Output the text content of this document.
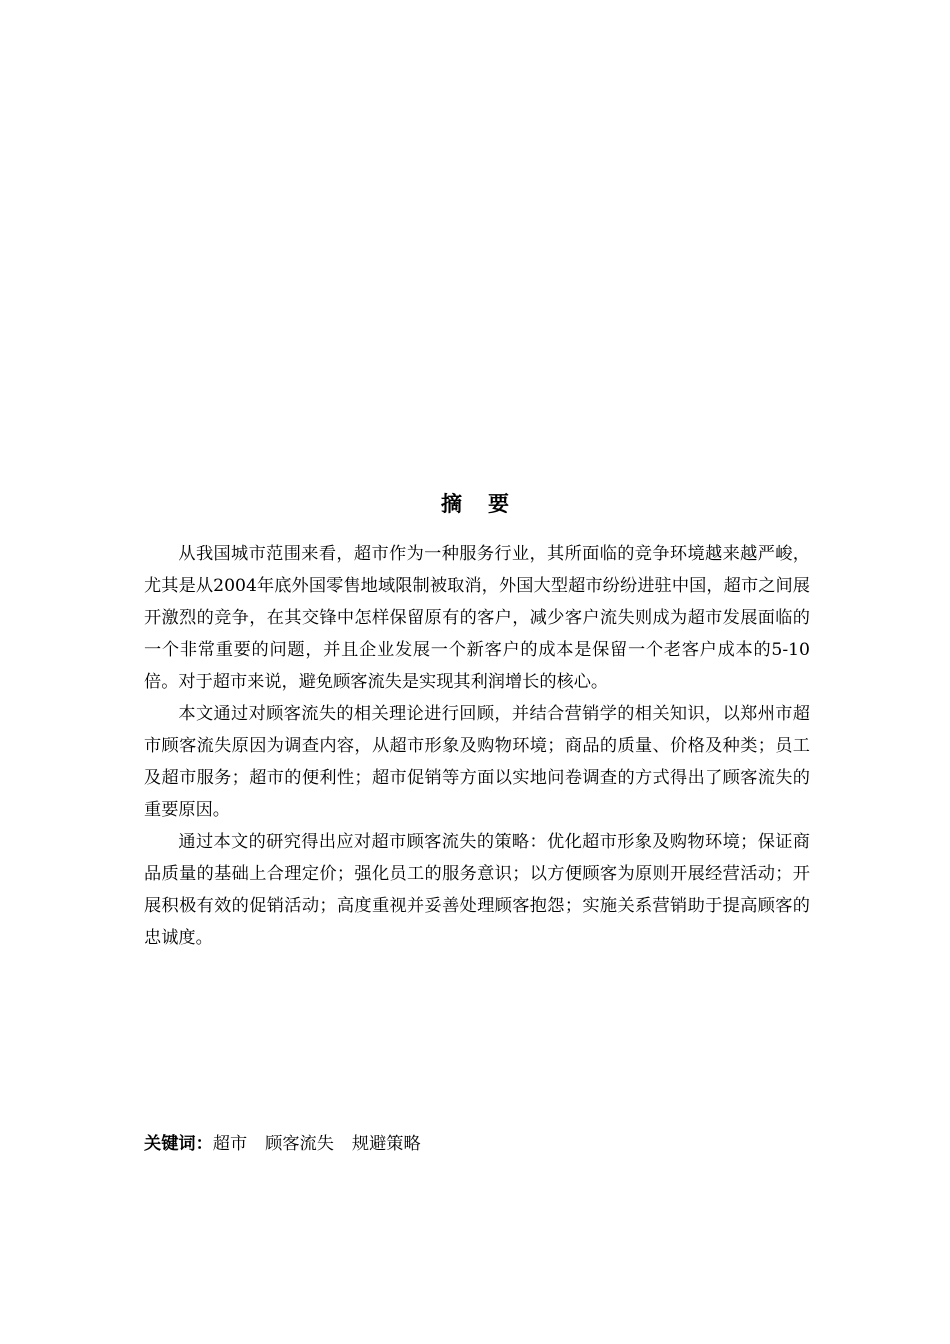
摘要

从我国城市范围来看，超市作为一种服务行业，其所面临的竞争环境越来越严峻，尤其是从2004年底外国零售地域限制被取消，外国大型超市纷纷进驻中国，超市之间展开激烈的竞争，在其交锋中怎样保留原有的客户，减少客户流失则成为超市发展面临的一个非常重要的问题，并且企业发展一个新客户的成本是保留一个老客户成本的5-10倍。对于超市来说，避免顾客流失是实现其利润增长的核心。

本文通过对顾客流失的相关理论进行回顾，并结合营销学的相关知识，以郑州市超市顾客流失原因为调查内容，从超市形象及购物环境；商品的质量、价格及种类；员工及超市服务；超市的便利性；超市促销等方面以实地问卷调查的方式得出了顾客流失的重要原因。

通过本文的研究得出应对超市顾客流失的策略：优化超市形象及购物环境；保证商品质量的基础上合理定价；强化员工的服务意识；以方便顾客为原则开展经营活动；开展积极有效的促销活动；高度重视并妥善处理顾客抱怨；实施关系营销助于提高顾客的忠诚度。

关键词：超市 顾客流失 规避策略
